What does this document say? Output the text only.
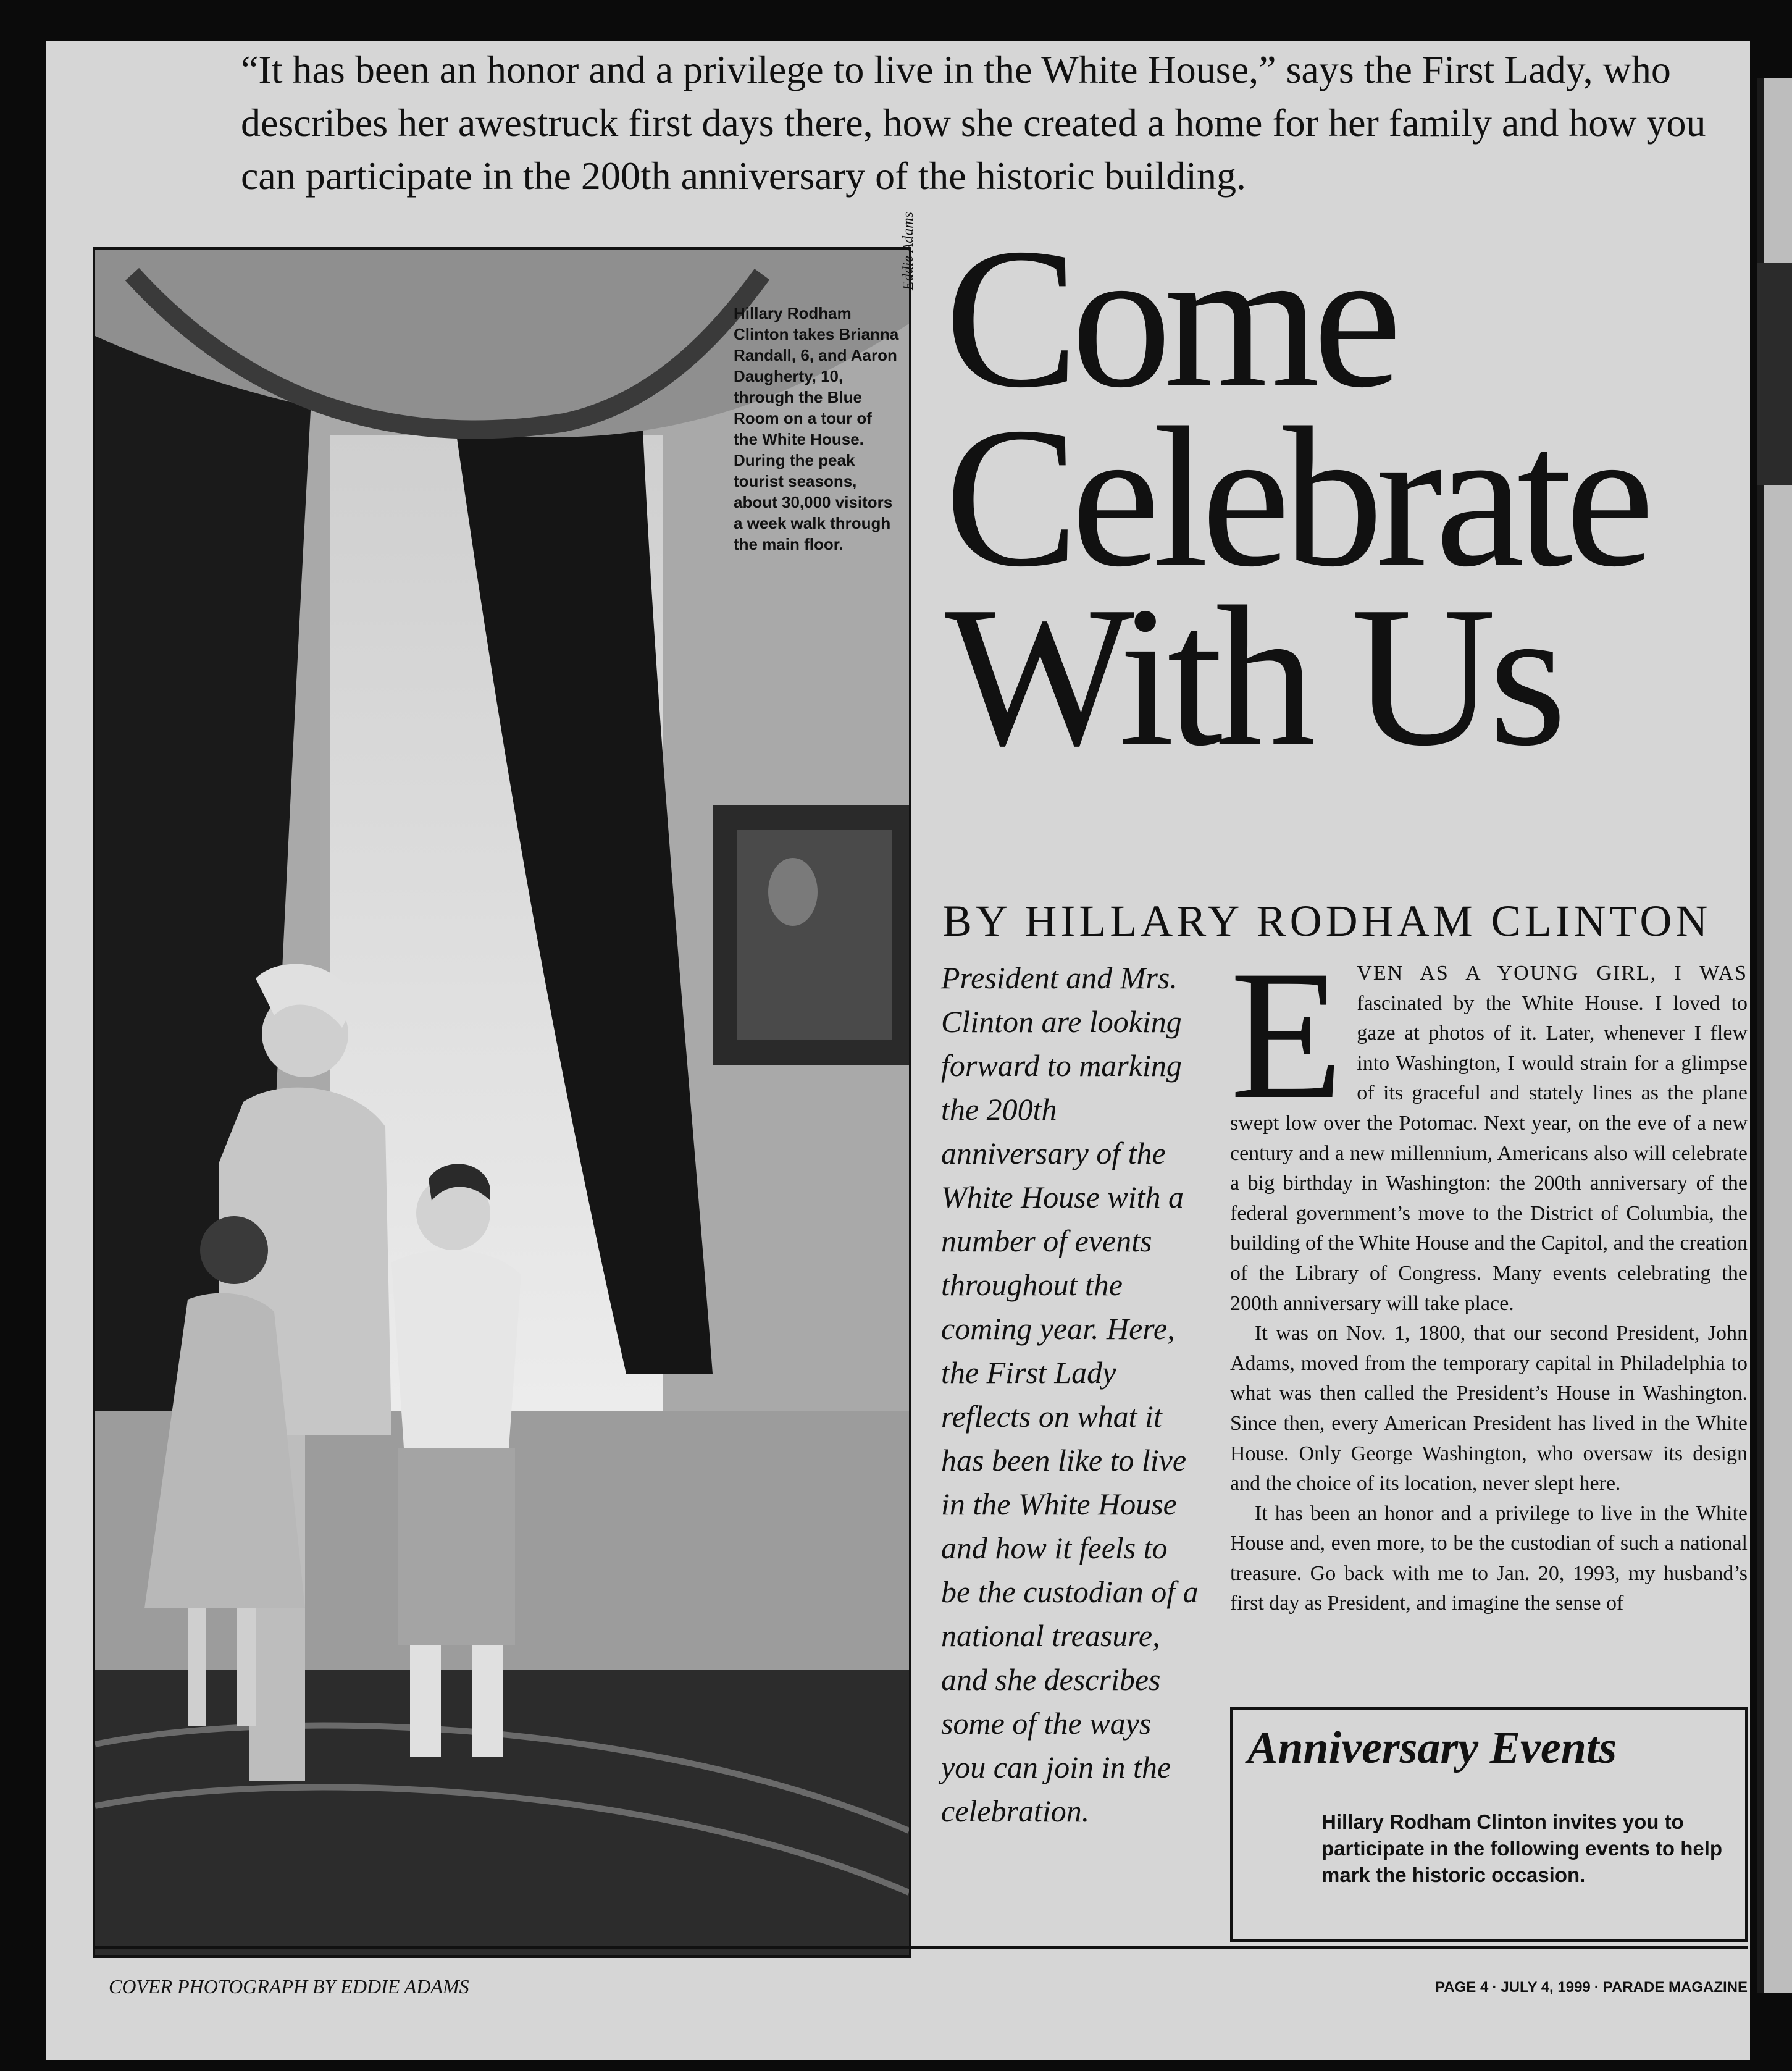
“It has been an honor and a privilege to live in the White House,” says the First Lady, who describes her awestruck first days there, how she created a home for her family and how you can participate in the 200th anniversary of the historic building.

Eddie Adams

Hillary Rodham Clinton takes Brianna Randall, 6, and Aaron Daugherty, 10, through the Blue Room on a tour of the White House. During the peak tourist seasons, about 30,000 visitors a week walk through the main floor.

Come
Celebrate
With Us
BY HILLARY RODHAM CLINTON

President and Mrs. Clinton are looking forward to marking the 200th anniversary of the White House with a number of events throughout the coming year. Here, the First Lady reflects on what it has been like to live in the White House and how it feels to be the custodian of a national treasure, and she describes some of the ways you can join in the celebration.

EVEN AS A YOUNG GIRL, I WAS fascinated by the White House. I loved to gaze at photos of it. Later, whenever I flew into Washington, I would strain for a glimpse of its graceful and stately lines as the plane swept low over the Potomac. Next year, on the eve of a new century and a new millennium, Americans also will celebrate a big birthday in Washington: the 200th anniversary of the federal government’s move to the District of Columbia, the building of the White House and the Capitol, and the creation of the Library of Congress. Many events celebrating the 200th anniversary will take place.

It was on Nov. 1, 1800, that our second President, John Adams, moved from the temporary capital in Philadelphia to what was then called the President’s House in Washington. Since then, every American President has lived in the White House. Only George Washington, who oversaw its design and the choice of its location, never slept here.

It has been an honor and a privilege to live in the White House and, even more, to be the custodian of such a national treasure. Go back with me to Jan. 20, 1993, my husband’s first day as President, and imagine the sense of

Anniversary Events

Hillary Rodham Clinton invites you to participate in the following events to help mark the historic occasion.

COVER PHOTOGRAPH BY EDDIE ADAMS	PAGE 4 · JULY 4, 1999 · PARADE MAGAZINE
